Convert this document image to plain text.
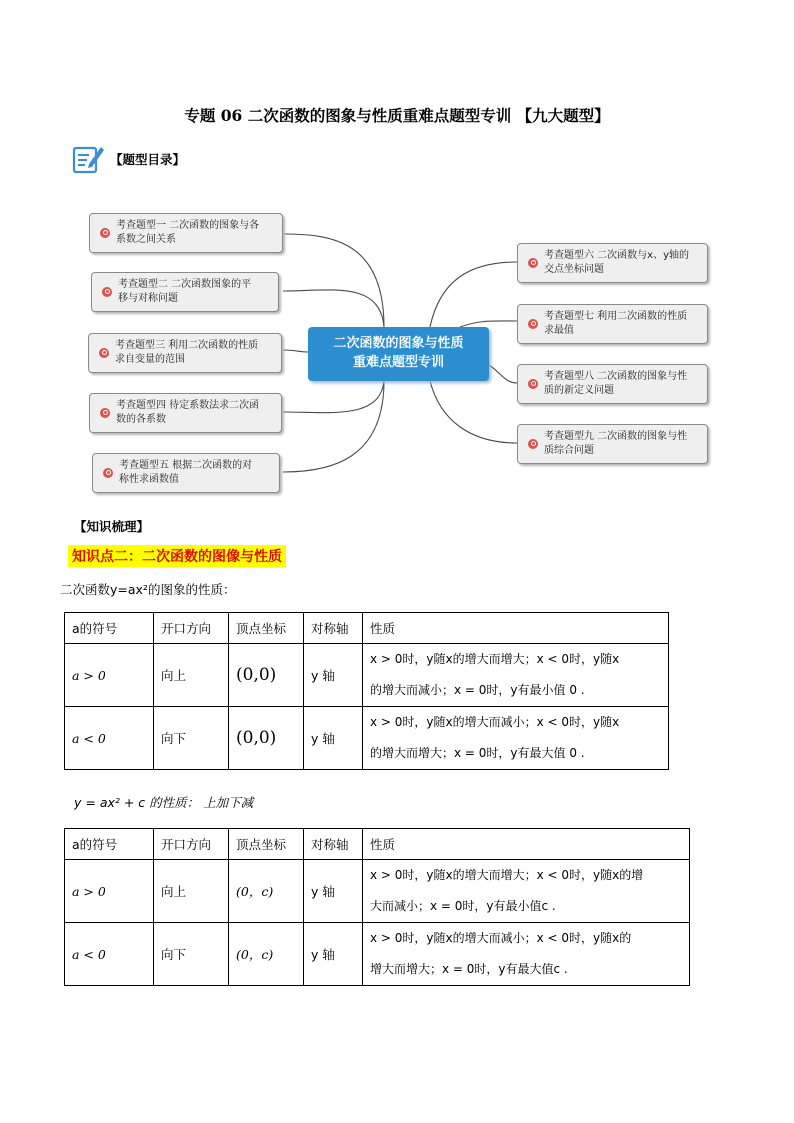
专题 06 二次函数的图象与性质重难点题型专训 【九大题型】
【题型目录】
考查题型一 二次函数的图象与各
系数之间关系
考查题型二 二次函数图象的平
移与对称问题
考查题型三 利用二次函数的性质
求自变量的范围
考查题型四 待定系数法求二次函
数的各系数
考查题型五 根据二次函数的对
称性求函数值
二次函数的图象与性质
重难点题型专训
考查题型六 二次函数与x、y轴的
交点坐标问题
考查题型七 利用二次函数的性质
求最值
考查题型八 二次函数的图象与性
质的新定义问题
考查题型九 二次函数的图象与性
质综合问题
【知识梳理】
知识点二：二次函数的图像与性质
二次函数y=ax²的图象的性质：
a的符号	开口方向	顶点坐标	对称轴	性质
a > 0	向上	(0,0)	y 轴	x > 0时，y随x的增大而增大；x < 0时，y随x
的增大而减小；x = 0时，y有最小值 0 .

a < 0	向下	(0,0)	y 轴	x > 0时，y随x的增大而减小；x < 0时，y随x
的增大而增大；x = 0时，y有最大值 0 .
y = ax² + c 的性质： 上加下减
a的符号	开口方向	顶点坐标	对称轴	性质
a > 0	向上	(0，c)	y 轴	x > 0时，y随x的增大而增大；x < 0时，y随x的增
大而减小；x = 0时，y有最小值c .

a < 0	向下	(0，c)	y 轴	x > 0时，y随x的增大而减小；x < 0时，y随x的
增大而增大；x = 0时，y有最大值c .
